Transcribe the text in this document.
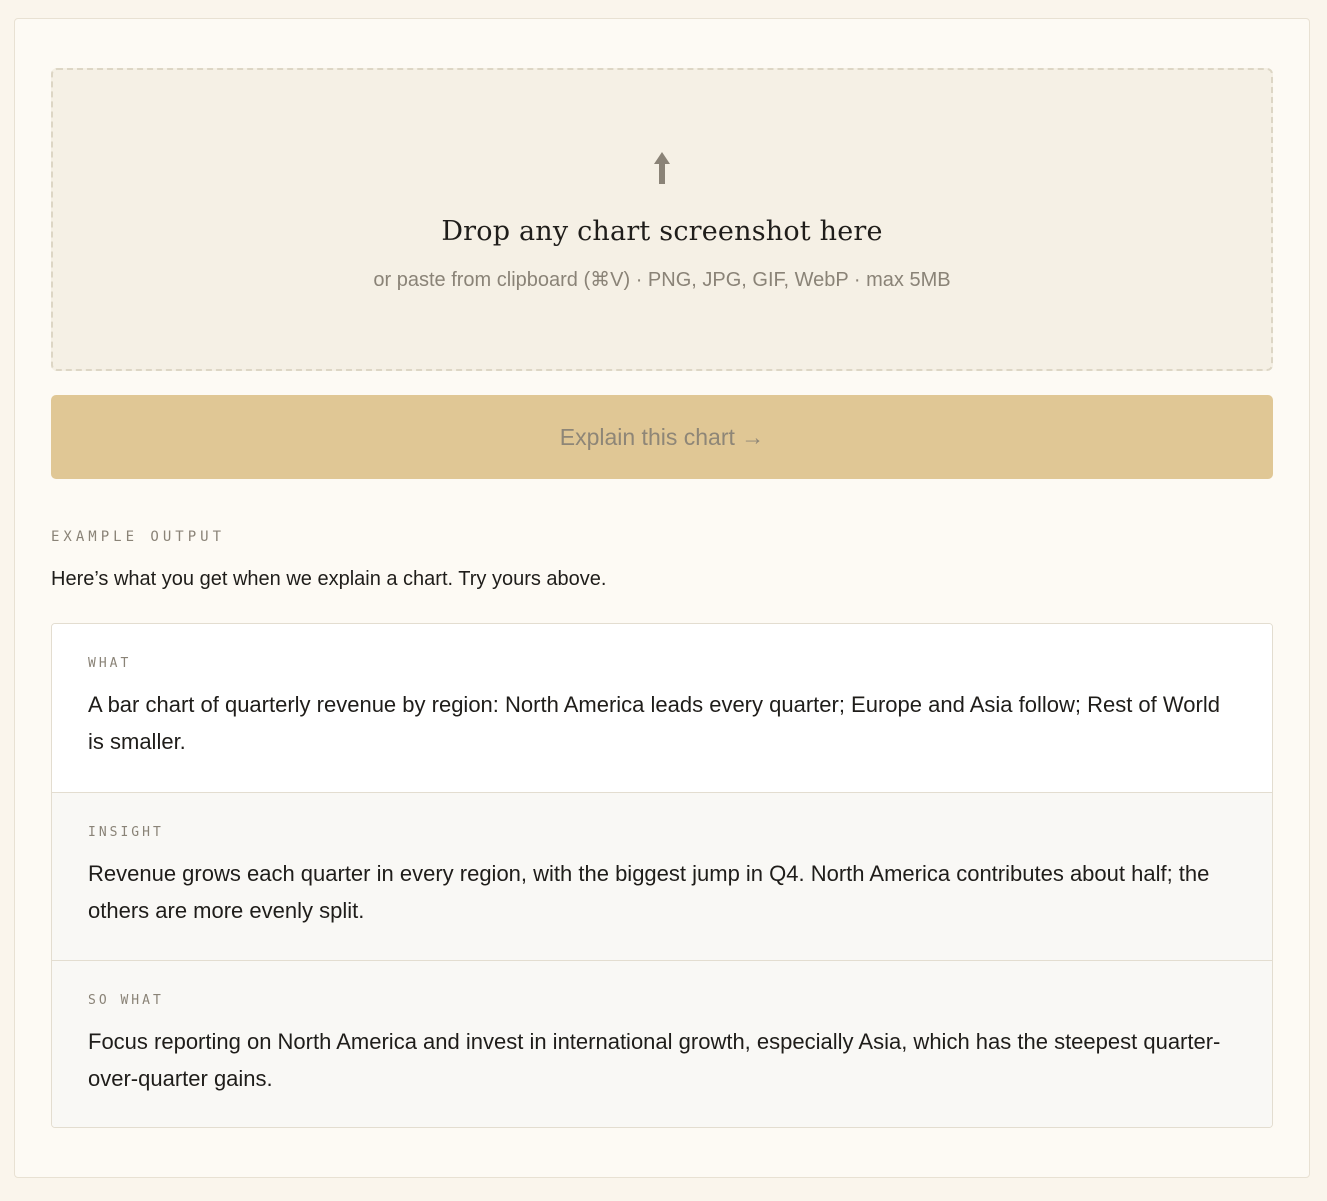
Drop any chart screenshot here
or paste from clipboard (⌘V) · PNG, JPG, GIF, WebP · max 5MB
Explain this chart →
EXAMPLE OUTPUT
Here’s what you get when we explain a chart. Try yours above.
WHAT
A bar chart of quarterly revenue by region: North America leads every quarter; Europe and Asia follow; Rest of World is smaller.
INSIGHT
Revenue grows each quarter in every region, with the biggest jump in Q4. North America contributes about half; the others are more evenly split.
SO WHAT
Focus reporting on North America and invest in international growth, especially Asia, which has the steepest quarter-over-quarter gains.
